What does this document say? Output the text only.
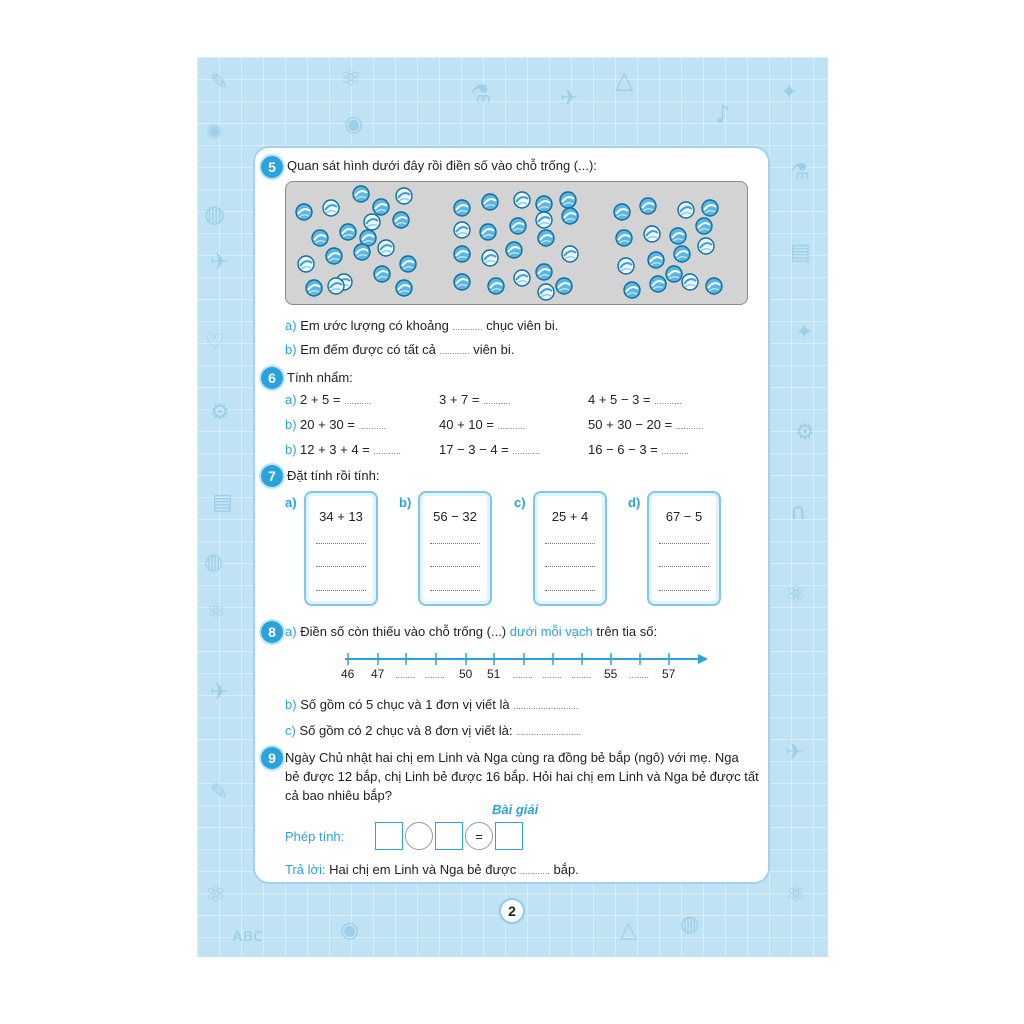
✎	⚛
⚗	✈
△
♪
✦
◉
✺
◍
✈
♡
⚙
▤
◍
⚛
✈
✎
⚛
ᴀʙᴄ
⚗
▤
✦
⚙
∩
⚛
✈
⚛
◉	△ ◍
5 Quan sát hình dưới đây rồi điền số vào chỗ trống (...):
a) Em ước lượng có khoảng ............ chục viên bi.
b) Em đếm được có tất cả ............ viên bi.
6 Tính nhẩm:
a) 2 + 5 = ...........	3 + 7 = ...........	4 + 5 − 3 = ...........
b) 20 + 30 = ...........	40 + 10 = ...........	50 + 30 − 20 = ...........
b) 12 + 3 + 4 = ...........	17 − 3 − 4 = ...........	16 − 6 − 3 = ...........
7 Đặt tính rồi tính:
a)
34 + 13
b)
56 − 32
c)
25 + 4
d)
67 − 5
8 a) Điền số còn thiếu vào chỗ trống (...) dưới mỗi vạch trên tia số:
46 47 ........ ........ 50 51 ........ ........ ........ 55 ........ 57
b) Số gồm có 5 chục và 1 đơn vị viết là ..........................
c) Số gồm có 2 chục và 8 đơn vị viết là: ..........................
9 Ngày Chủ nhật hai chị em Linh và Nga cùng ra đồng bẻ bắp (ngô) với mẹ. Nga
bẻ được 12 bắp, chị Linh bẻ được 16 bắp. Hỏi hai chị em Linh và Nga bẻ được tất
cả bao nhiêu bắp?
Bài giải
Phép tính:	=
Trả lời: Hai chị em Linh và Nga bẻ được ............ bắp.
2
